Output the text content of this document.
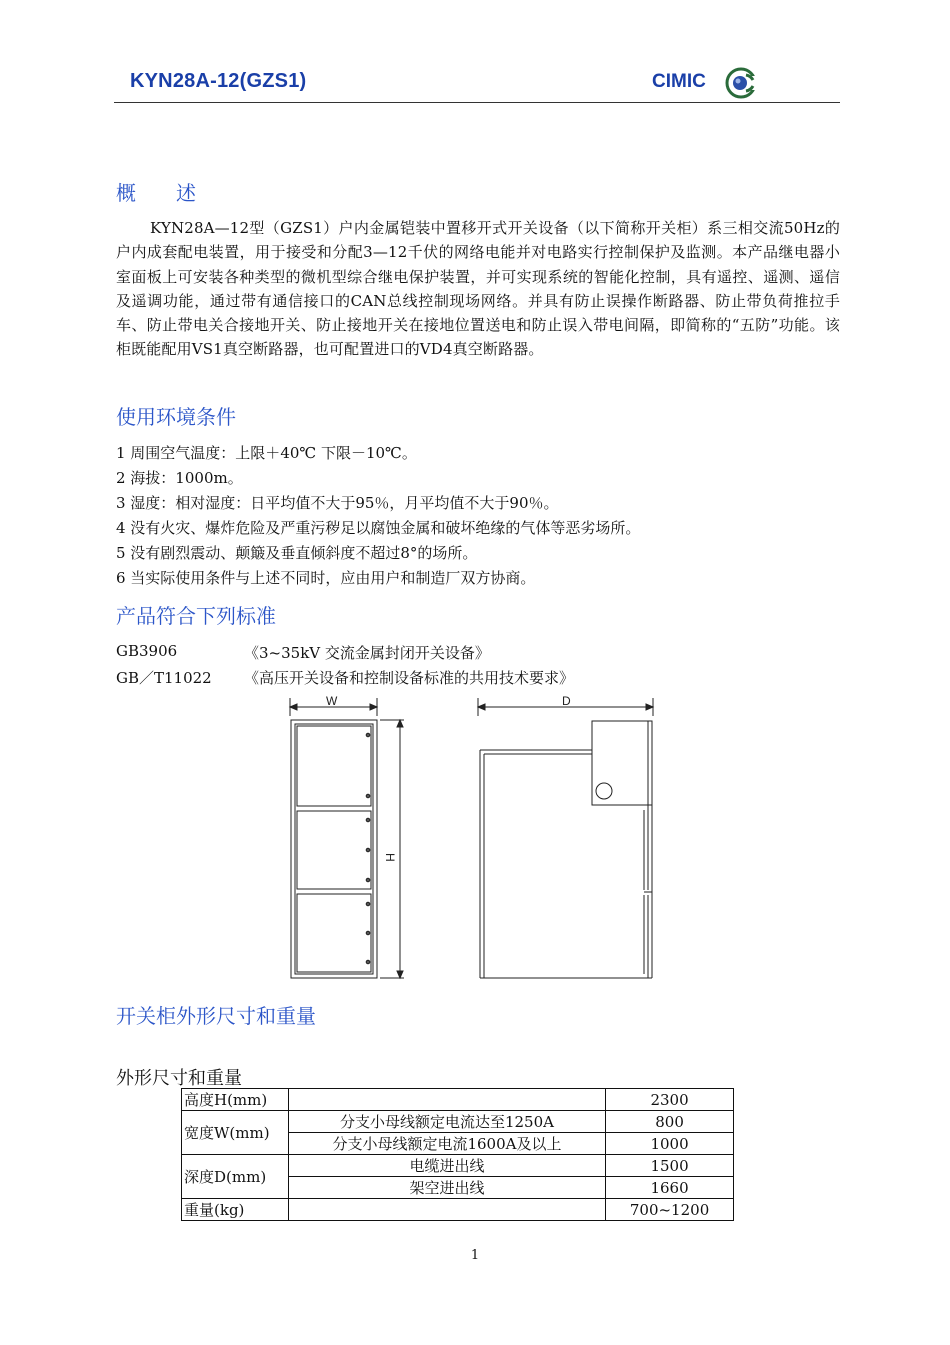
KYN28A-12(GZS1)	CIMIC
概　　述

KYN28A—12型（GZS1）户内金属铠装中置移开式开关设备（以下简称开关柜）系三相交流50Hz的户内成套配电装置，用于接受和分配3—12千伏的网络电能并对电路实行控制保护及监测。本产品继电器小室面板上可安装各种类型的微机型综合继电保护装置，并可实现系统的智能化控制，具有遥控、遥测、遥信及遥调功能，通过带有通信接口的CAN总线控制现场网络。并具有防止误操作断路器、防止带负荷推拉手车、防止带电关合接地开关、防止接地开关在接地位置送电和防止误入带电间隔，即简称的“五防”功能。该柜既能配用VS1真空断路器，也可配置进口的VD4真空断路器。

使用环境条件
1 周围空气温度：上限＋40℃ 下限－10℃。
2 海拔：1000m。
3 湿度：相对湿度：日平均值不大于95％，月平均值不大于90％。
4 没有火灾、爆炸危险及严重污秽足以腐蚀金属和破坏绝缘的气体等恶劣场所。
5 没有剧烈震动、颠簸及垂直倾斜度不超过8°的场所。
6 当实际使用条件与上述不同时，应由用户和制造厂双方协商。
产品符合下列标准
GB3906	《3~35kV 交流金属封闭开关设备》
GB／T11022 《高压开关设备和控制设备标准的共用技术要求》
W	D
H
开关柜外形尺寸和重量
外形尺寸和重量
高度H(mm)		2300
宽度W(mm)	分支小母线额定电流达至1250A	800
	分支小母线额定电流1600A及以上	1000
深度D(mm)	电缆进出线	1500
	架空进出线	1660
重量(kg)		700~1200
1
